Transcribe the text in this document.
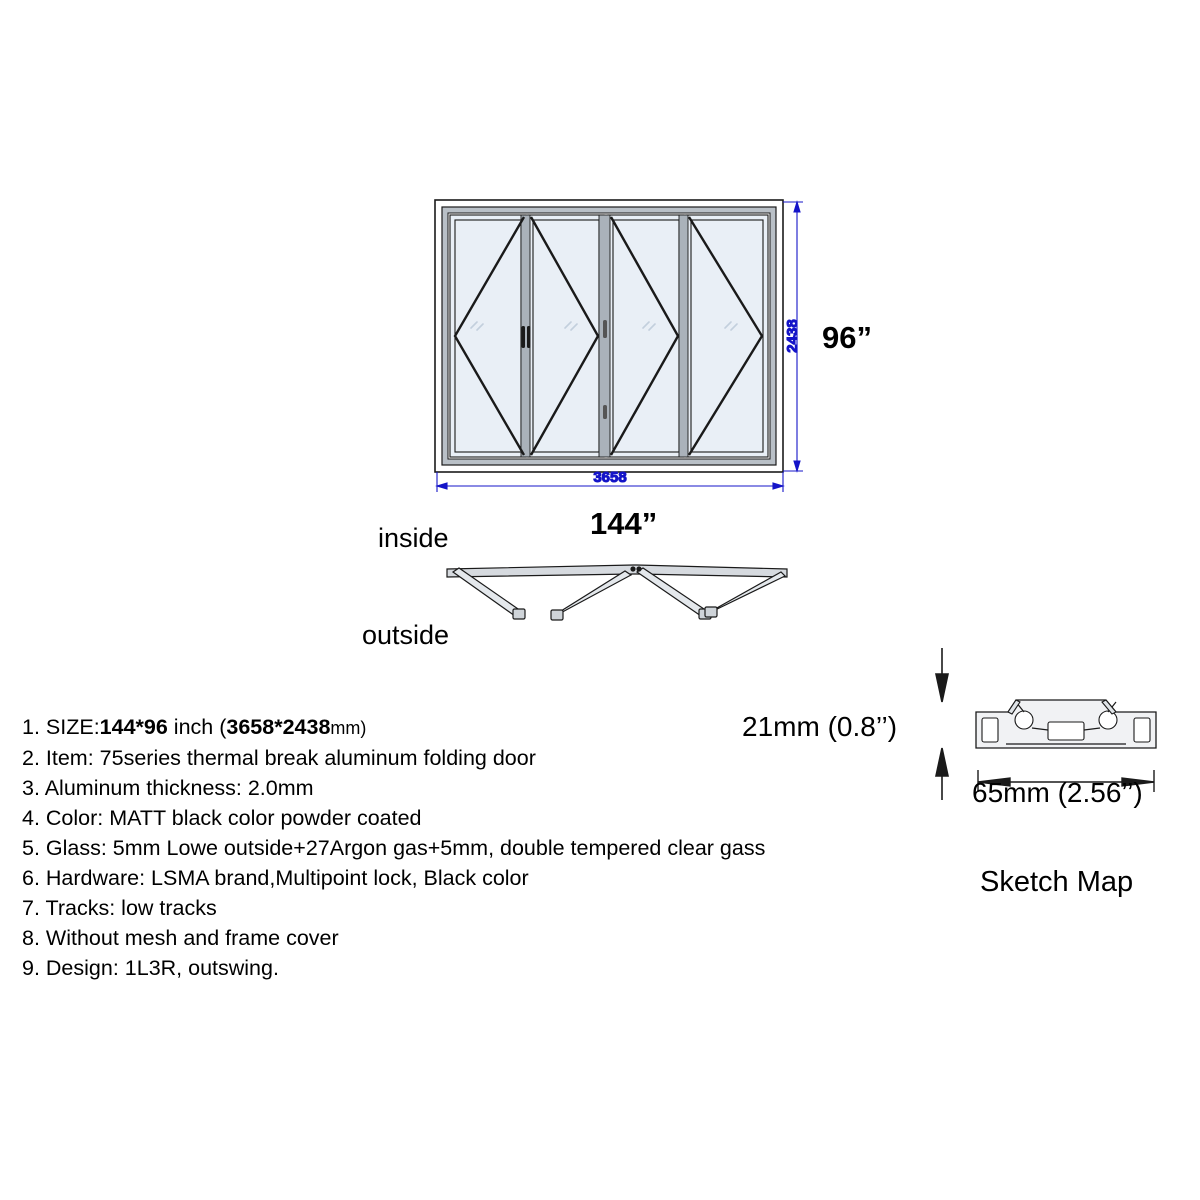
2438
3658
96”
144”
inside
outside
21mm (0.8’’)
65mm (2.56’’)
Sketch Map
1. SIZE:144*96 inch (3658*2438mm)
2. Item: 75series thermal break aluminum folding door
3. Aluminum thickness: 2.0mm
4. Color: MATT black color powder coated
5. Glass: 5mm Lowe outside+27Argon gas+5mm, double tempered clear gass
6. Hardware: LSMA brand,Multipoint lock, Black color
7. Tracks: low tracks
8. Without mesh and frame cover
9. Design: 1L3R, outswing.
